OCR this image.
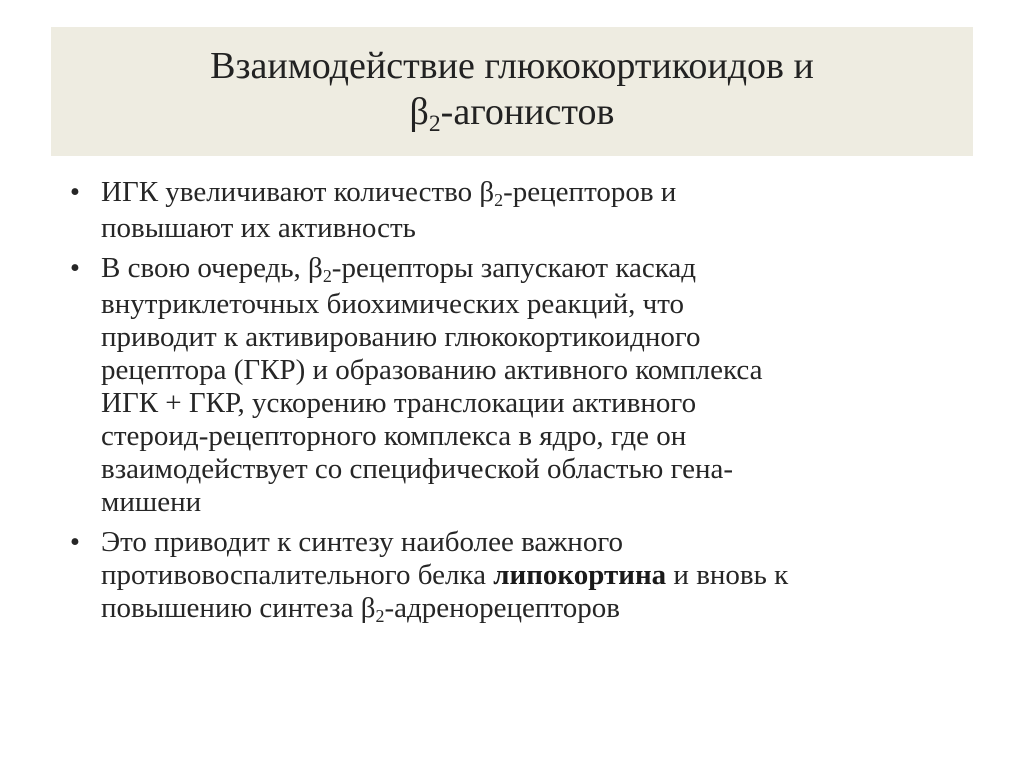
Взаимодействие глюкокортикоидов и
$\beta_2$-агонистов
• ИГК увеличивают количество $\beta_2$-рецепторов и
повышают их активность
• В свою очередь, $\beta_2$-рецепторы запускают каскад
внутриклеточных биохимических реакций, что
приводит к активированию глюкокортикоидного
рецептора (ГКР) и образованию активного комплекса
ИГК + ГКР, ускорению транслокации активного
стероид-рецепторного комплекса в ядро, где он
взаимодействует со специфической областью гена-
мишени
• Это приводит к синтезу наиболее важного
противовоспалительного белка липокортина и вновь к
повышению синтеза $\beta_2$-адренорецепторов
